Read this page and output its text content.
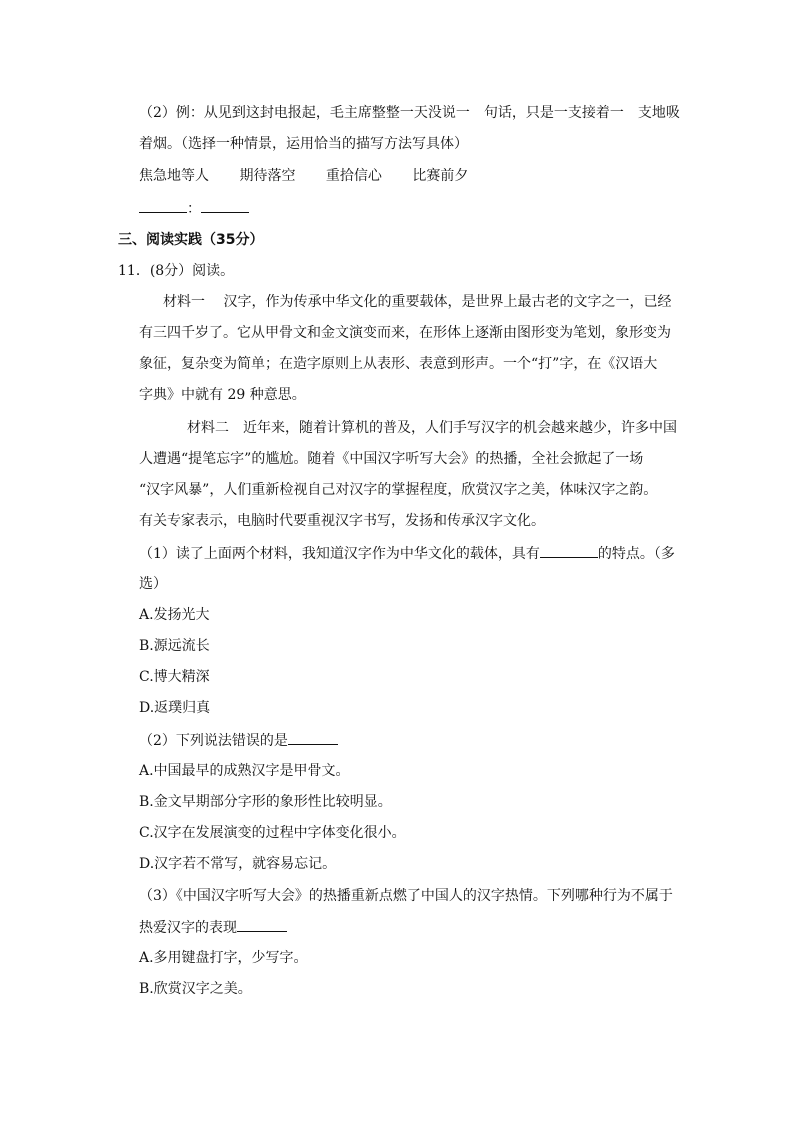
（2）例：从见到这封电报起，毛主席整整一天没说一　句话，只是一支接着一　支地吸
着烟。（选择一种情景，运用恰当的描写方法写具体）
焦急地等人 期待落空 重拾信心 比赛前夕
：
三、阅读实践（35分）
11．(8分）阅读。
材料一　 汉字，作为传承中华文化的重要载体，是世界上最古老的文字之一，已经
有三四千岁了。它从甲骨文和金文演变而来，在形体上逐渐由图形变为笔划，象形变为
象征，复杂变为简单；在造字原则上从表形、表意到形声。一个“打”字，在《汉语大
字典》中就有 29 种意思。
材料二　近年来，随着计算机的普及，人们手写汉字的机会越来越少，许多中国
人遭遇“提笔忘字”的尴尬。随着《中国汉字听写大会》的热播，全社会掀起了一场
“汉字风暴”，人们重新检视自己对汉字的掌握程度，欣赏汉字之美，体味汉字之韵。
有关专家表示，电脑时代要重视汉字书写，发扬和传承汉字文化。
（1）读了上面两个材料，我知道汉字作为中华文化的载体，具有	的特点。（多
选）
A.发扬光大
B.源远流长
C.博大精深
D.返璞归真
（2）下列说法错误的是
A.中国最早的成熟汉字是甲骨文。
B.金文早期部分字形的象形性比较明显。
C.汉字在发展演变的过程中字体变化很小。
D.汉字若不常写，就容易忘记。
（3）《中国汉字听写大会》的热播重新点燃了中国人的汉字热情。下列哪种行为不属于
热爱汉字的表现
A.多用键盘打字，少写字。
B.欣赏汉字之美。
